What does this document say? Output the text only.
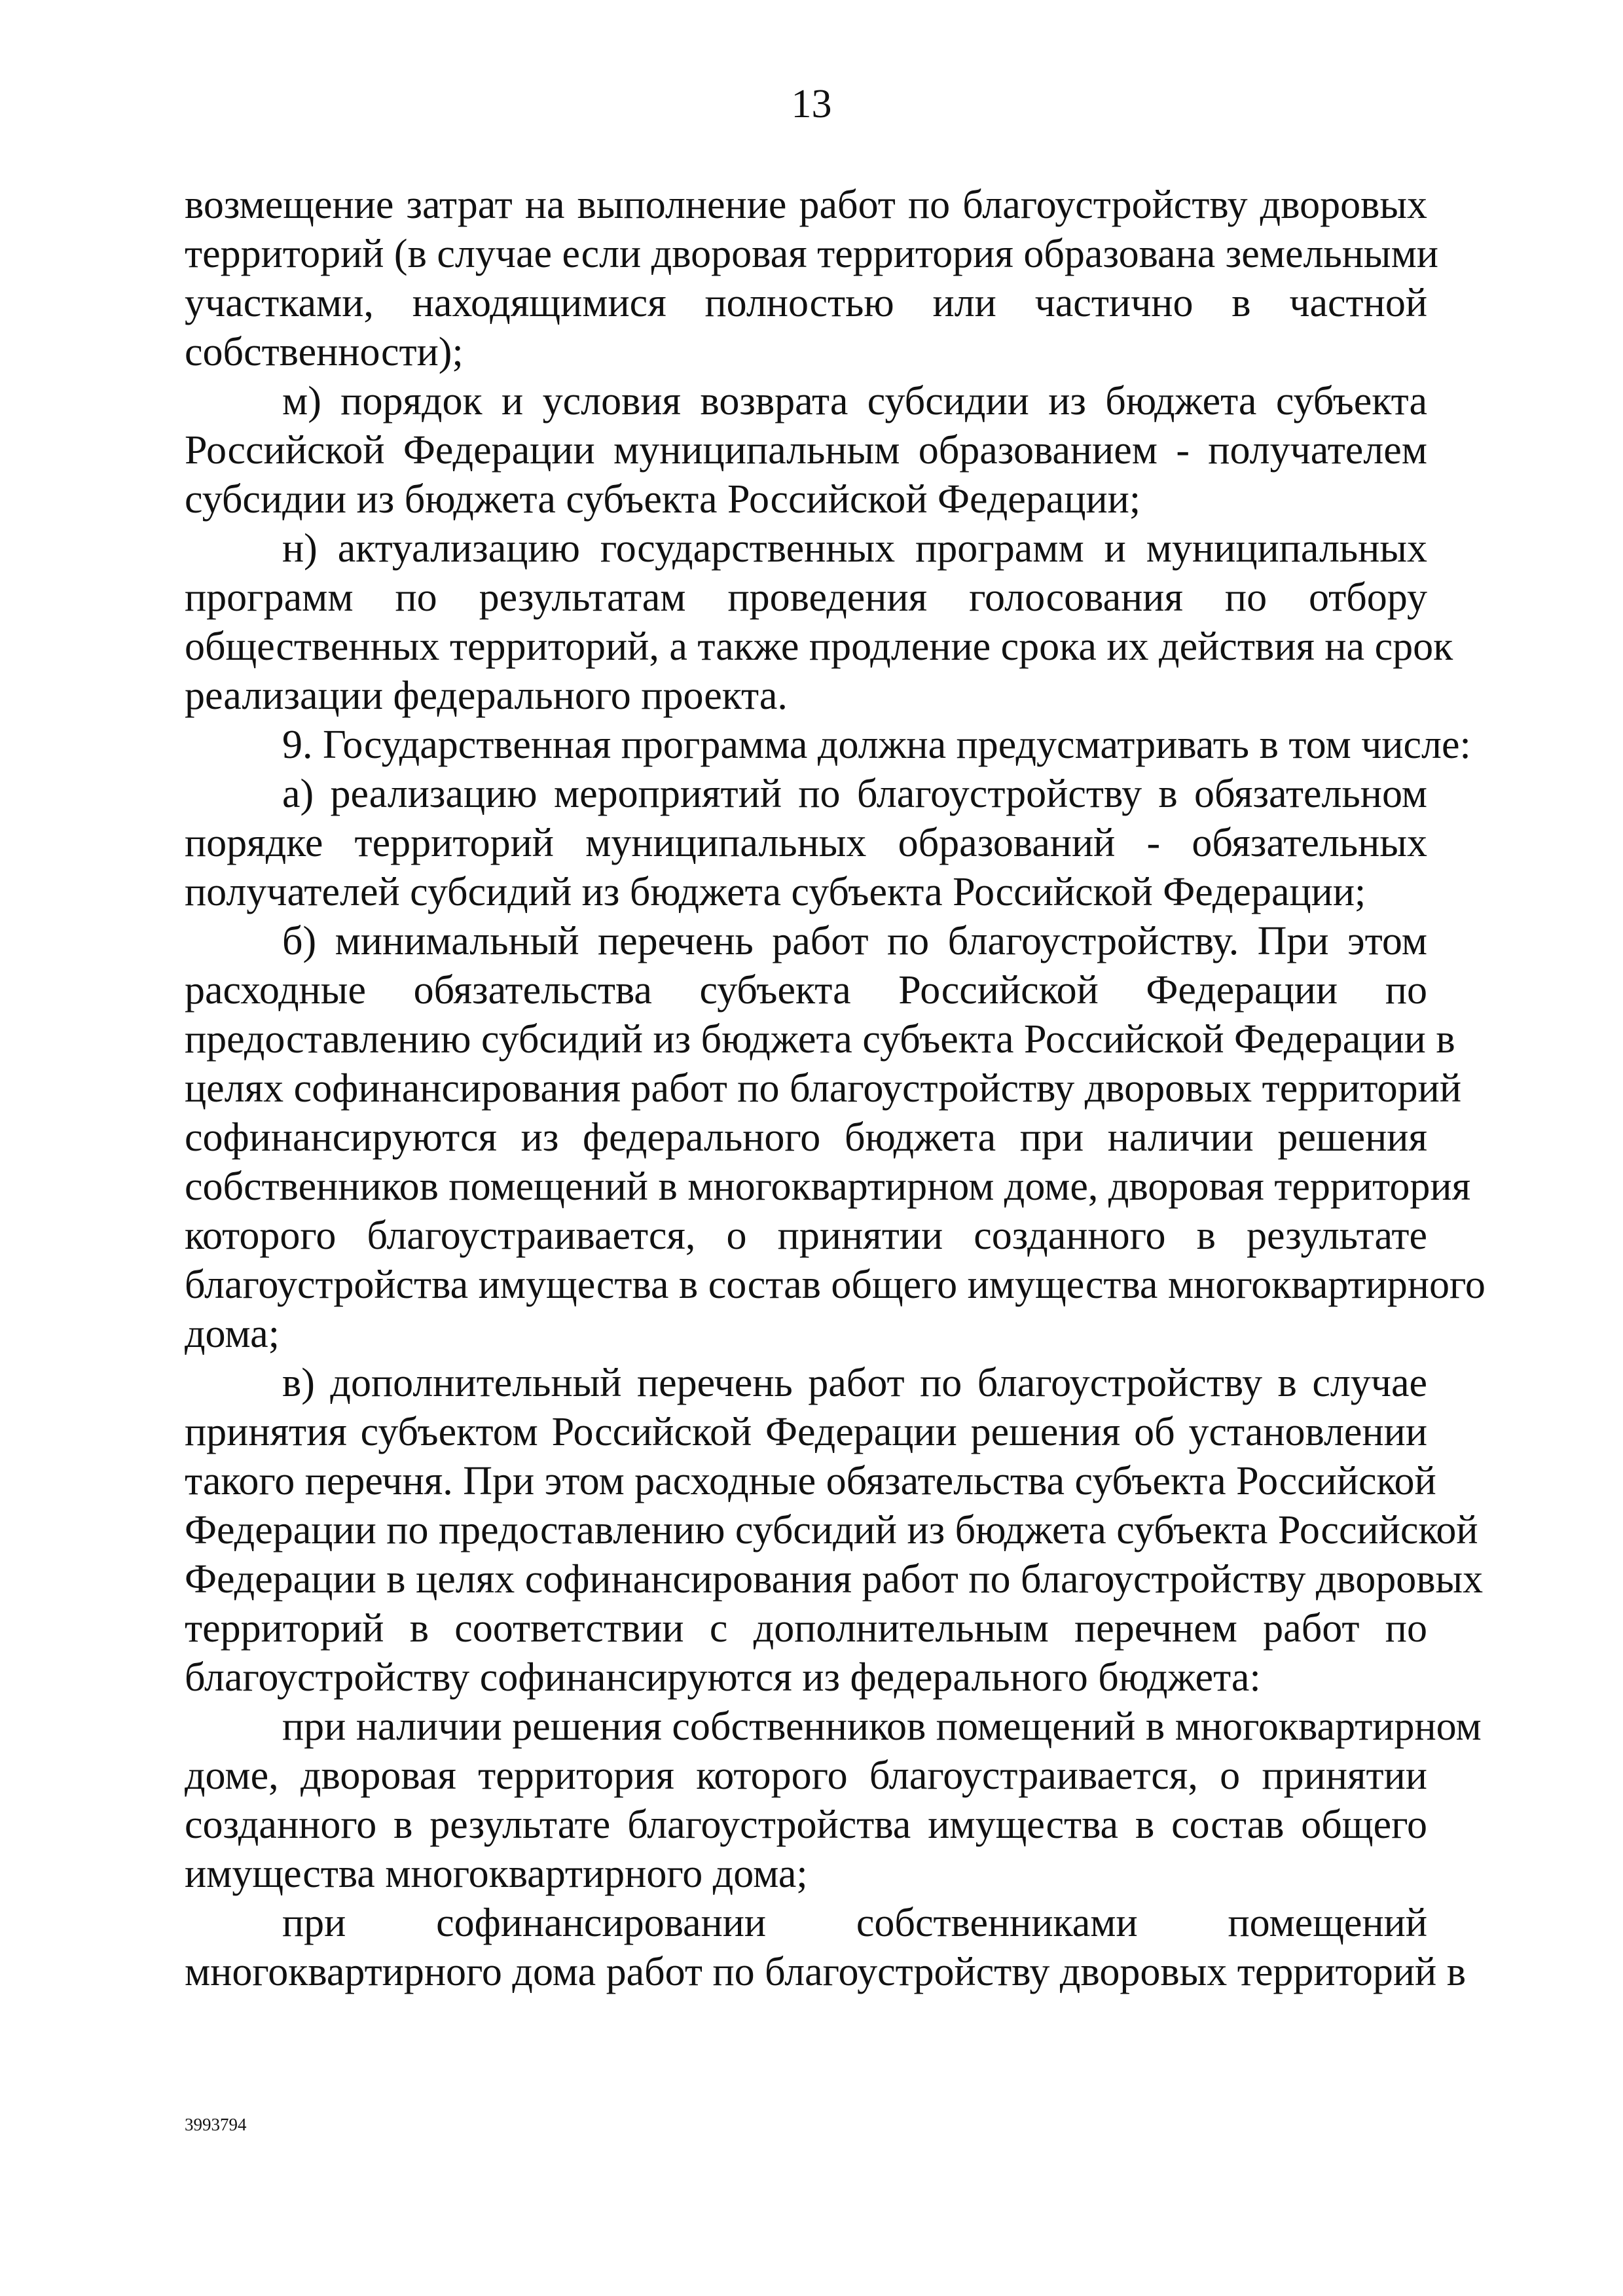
13
возмещение затрат на выполнение работ по благоустройству дворовых
территорий (в случае если дворовая территория образована земельными
участками, находящимися полностью или частично в частной
собственности);
м) порядок и условия возврата субсидии из бюджета субъекта
Российской Федерации муниципальным образованием - получателем
субсидии из бюджета субъекта Российской Федерации;
н) актуализацию государственных программ и муниципальных
программ по результатам проведения голосования по отбору
общественных территорий, а также продление срока их действия на срок
реализации федерального проекта.
9. Государственная программа должна предусматривать в том числе:
а) реализацию мероприятий по благоустройству в обязательном
порядке территорий муниципальных образований - обязательных
получателей субсидий из бюджета субъекта Российской Федерации;
б) минимальный перечень работ по благоустройству. При этом
расходные обязательства субъекта Российской Федерации по
предоставлению субсидий из бюджета субъекта Российской Федерации в
целях софинансирования работ по благоустройству дворовых территорий
софинансируются из федерального бюджета при наличии решения
собственников помещений в многоквартирном доме, дворовая территория
которого благоустраивается, о принятии созданного в результате
благоустройства имущества в состав общего имущества многоквартирного
дома;
в) дополнительный перечень работ по благоустройству в случае
принятия субъектом Российской Федерации решения об установлении
такого перечня. При этом расходные обязательства субъекта Российской
Федерации по предоставлению субсидий из бюджета субъекта Российской
Федерации в целях софинансирования работ по благоустройству дворовых
территорий в соответствии с дополнительным перечнем работ по
благоустройству софинансируются из федерального бюджета:
при наличии решения собственников помещений в многоквартирном
доме, дворовая территория которого благоустраивается, о принятии
созданного в результате благоустройства имущества в состав общего
имущества многоквартирного дома;
при софинансировании собственниками помещений
многоквартирного дома работ по благоустройству дворовых территорий в
3993794
